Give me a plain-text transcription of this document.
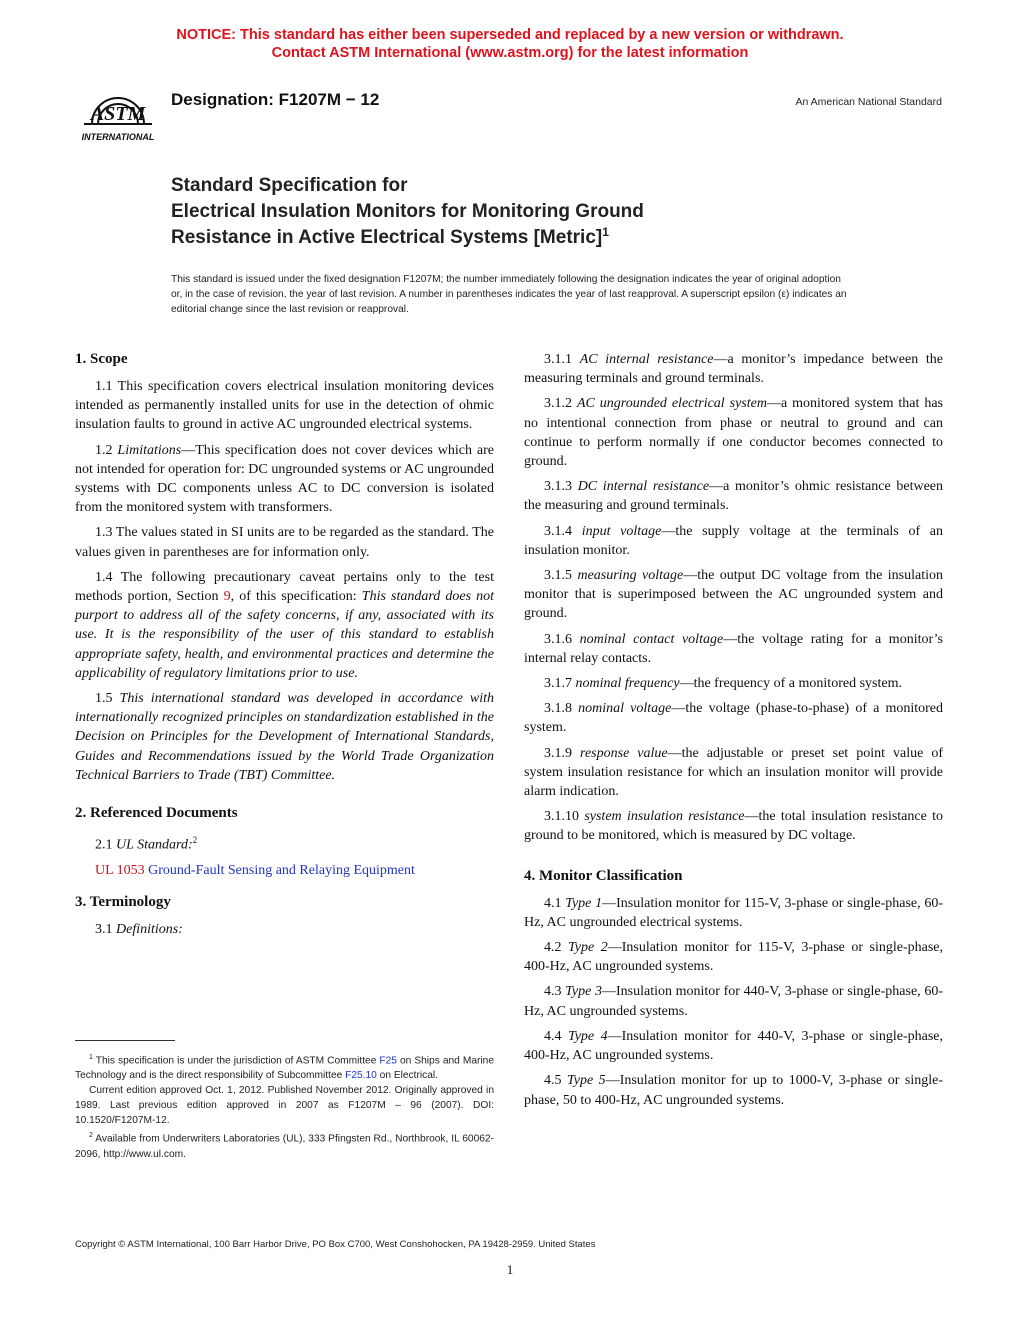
NOTICE: This standard has either been superseded and replaced by a new version or withdrawn.
Contact ASTM International (www.astm.org) for the latest information
ASTM
INTERNATIONAL
Designation: F1207M − 12	An American National Standard
Standard Specification for
Electrical Insulation Monitors for Monitoring Ground
Resistance in Active Electrical Systems [Metric]$^1$
This standard is issued under the fixed designation F1207M; the number immediately following the designation indicates the year of original adoption or, in the case of revision, the year of last revision. A number in parentheses indicates the year of last reapproval. A superscript epsilon (ε) indicates an editorial change since the last revision or reapproval.
1. Scope

1.1 This specification covers electrical insulation monitoring devices intended as permanently installed units for use in the detection of ohmic insulation faults to ground in active AC ungrounded electrical systems.

1.2 Limitations—This specification does not cover devices which are not intended for operation for: DC ungrounded systems or AC ungrounded systems with DC components unless AC to DC conversion is isolated from the monitored system with transformers.

1.3 The values stated in SI units are to be regarded as the standard. The values given in parentheses are for information only.

1.4 The following precautionary caveat pertains only to the test methods portion, Section 9, of this specification: This standard does not purport to address all of the safety concerns, if any, associated with its use. It is the responsibility of the user of this standard to establish appropriate safety, health, and environmental practices and determine the applicability of regulatory limitations prior to use.

1.5 This international standard was developed in accordance with internationally recognized principles on standardization established in the Decision on Principles for the Development of International Standards, Guides and Recommendations issued by the World Trade Organization Technical Barriers to Trade (TBT) Committee.

2. Referenced Documents

2.1 UL Standard:$^2$

UL 1053 Ground-Fault Sensing and Relaying Equipment

3. Terminology

3.1 Definitions:

3.1.1 AC internal resistance—a monitor’s impedance between the measuring terminals and ground terminals.

3.1.2 AC ungrounded electrical system—a monitored system that has no intentional connection from phase or neutral to ground and can continue to perform normally if one conductor becomes connected to ground.

3.1.3 DC internal resistance—a monitor’s ohmic resistance between the measuring and ground terminals.

3.1.4 input voltage—the supply voltage at the terminals of an insulation monitor.

3.1.5 measuring voltage—the output DC voltage from the insulation monitor that is superimposed between the AC ungrounded system and ground.

3.1.6 nominal contact voltage—the voltage rating for a monitor’s internal relay contacts.

3.1.7 nominal frequency—the frequency of a monitored system.

3.1.8 nominal voltage—the voltage (phase-to-phase) of a monitored system.

3.1.9 response value—the adjustable or preset set point value of system insulation resistance for which an insulation monitor will provide alarm indication.

3.1.10 system insulation resistance—the total insulation resistance to ground to be monitored, which is measured by DC voltage.

4. Monitor Classification

4.1 Type 1—Insulation monitor for 115-V, 3-phase or single-phase, 60-Hz, AC ungrounded electrical systems.

4.2 Type 2—Insulation monitor for 115-V, 3-phase or single-phase, 400-Hz, AC ungrounded systems.

4.3 Type 3—Insulation monitor for 440-V, 3-phase or single-phase, 60-Hz, AC ungrounded systems.

4.4 Type 4—Insulation monitor for 440-V, 3-phase or single-phase, 400-Hz, AC ungrounded systems.

4.5 Type 5—Insulation monitor for up to 1000-V, 3-phase or single-phase, 50 to 400-Hz, AC ungrounded systems.

$^1$ This specification is under the jurisdiction of ASTM Committee F25 on Ships and Marine Technology and is the direct responsibility of Subcommittee F25.10 on Electrical.

Current edition approved Oct. 1, 2012. Published November 2012. Originally approved in 1989. Last previous edition approved in 2007 as F1207M – 96 (2007). DOI: 10.1520/F1207M-12.

$^2$ Available from Underwriters Laboratories (UL), 333 Pfingsten Rd., Northbrook, IL 60062-2096, http://www.ul.com.

Copyright © ASTM International, 100 Barr Harbor Drive, PO Box C700, West Conshohocken, PA 19428-2959. United States
1
